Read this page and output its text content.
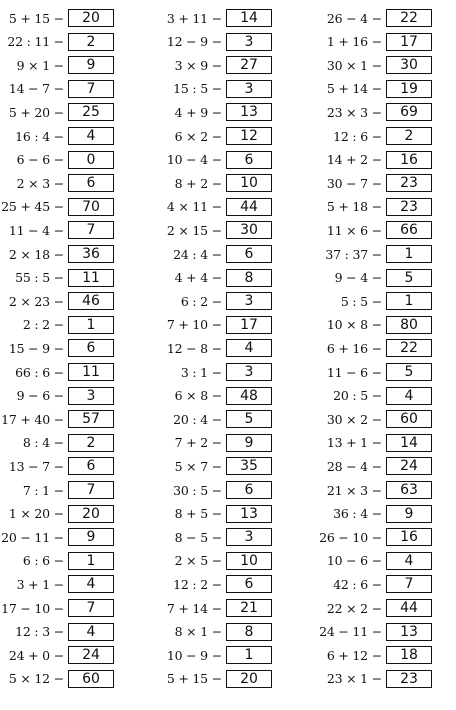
5 + 15 −	20
22 : 11 −	2
9 × 1 −	9
14 − 7 −	7
5 + 20 −	25
16 : 4 −	4
6 − 6 −	0
2 × 3 −	6
25 + 45 −	70
11 − 4 −	7
2 × 18 −	36
55 : 5 −	11
2 × 23 −	46
2 : 2 −	1
15 − 9 −	6
66 : 6 −	11
9 − 6 −	3
17 + 40 −	57
8 : 4 −	2
13 − 7 −	6
7 : 1 −	7
1 × 20 −	20
20 − 11 −	9
6 : 6 −	1
3 + 1 −	4
17 − 10 −	7
12 : 3 −	4
24 + 0 −	24
5 × 12 −	60
3 + 11 −	14
12 − 9 −	3
3 × 9 −	27
15 : 5 −	3
4 + 9 −	13
6 × 2 −	12
10 − 4 −	6
8 + 2 −	10
4 × 11 −	44
2 × 15 −	30
24 : 4 −	6
4 + 4 −	8
6 : 2 −	3
7 + 10 −	17
12 − 8 −	4
3 : 1 −	3
6 × 8 −	48
20 : 4 −	5
7 + 2 −	9
5 × 7 −	35
30 : 5 −	6
8 + 5 −	13
8 − 5 −	3
2 × 5 −	10
12 : 2 −	6
7 + 14 −	21
8 × 1 −	8
10 − 9 −	1
5 + 15 −	20
26 − 4 −	22
1 + 16 −	17
30 × 1 −	30
5 + 14 −	19
23 × 3 −	69
12 : 6 −	2
14 + 2 −	16
30 − 7 −	23
5 + 18 −	23
11 × 6 −	66
37 : 37 −	1
9 − 4 −	5
5 : 5 −	1
10 × 8 −	80
6 + 16 −	22
11 − 6 −	5
20 : 5 −	4
30 × 2 −	60
13 + 1 −	14
28 − 4 −	24
21 × 3 −	63
36 : 4 −	9
26 − 10 −	16
10 − 6 −	4
42 : 6 −	7
22 × 2 −	44
24 − 11 −	13
6 + 12 −	18
23 × 1 −	23
